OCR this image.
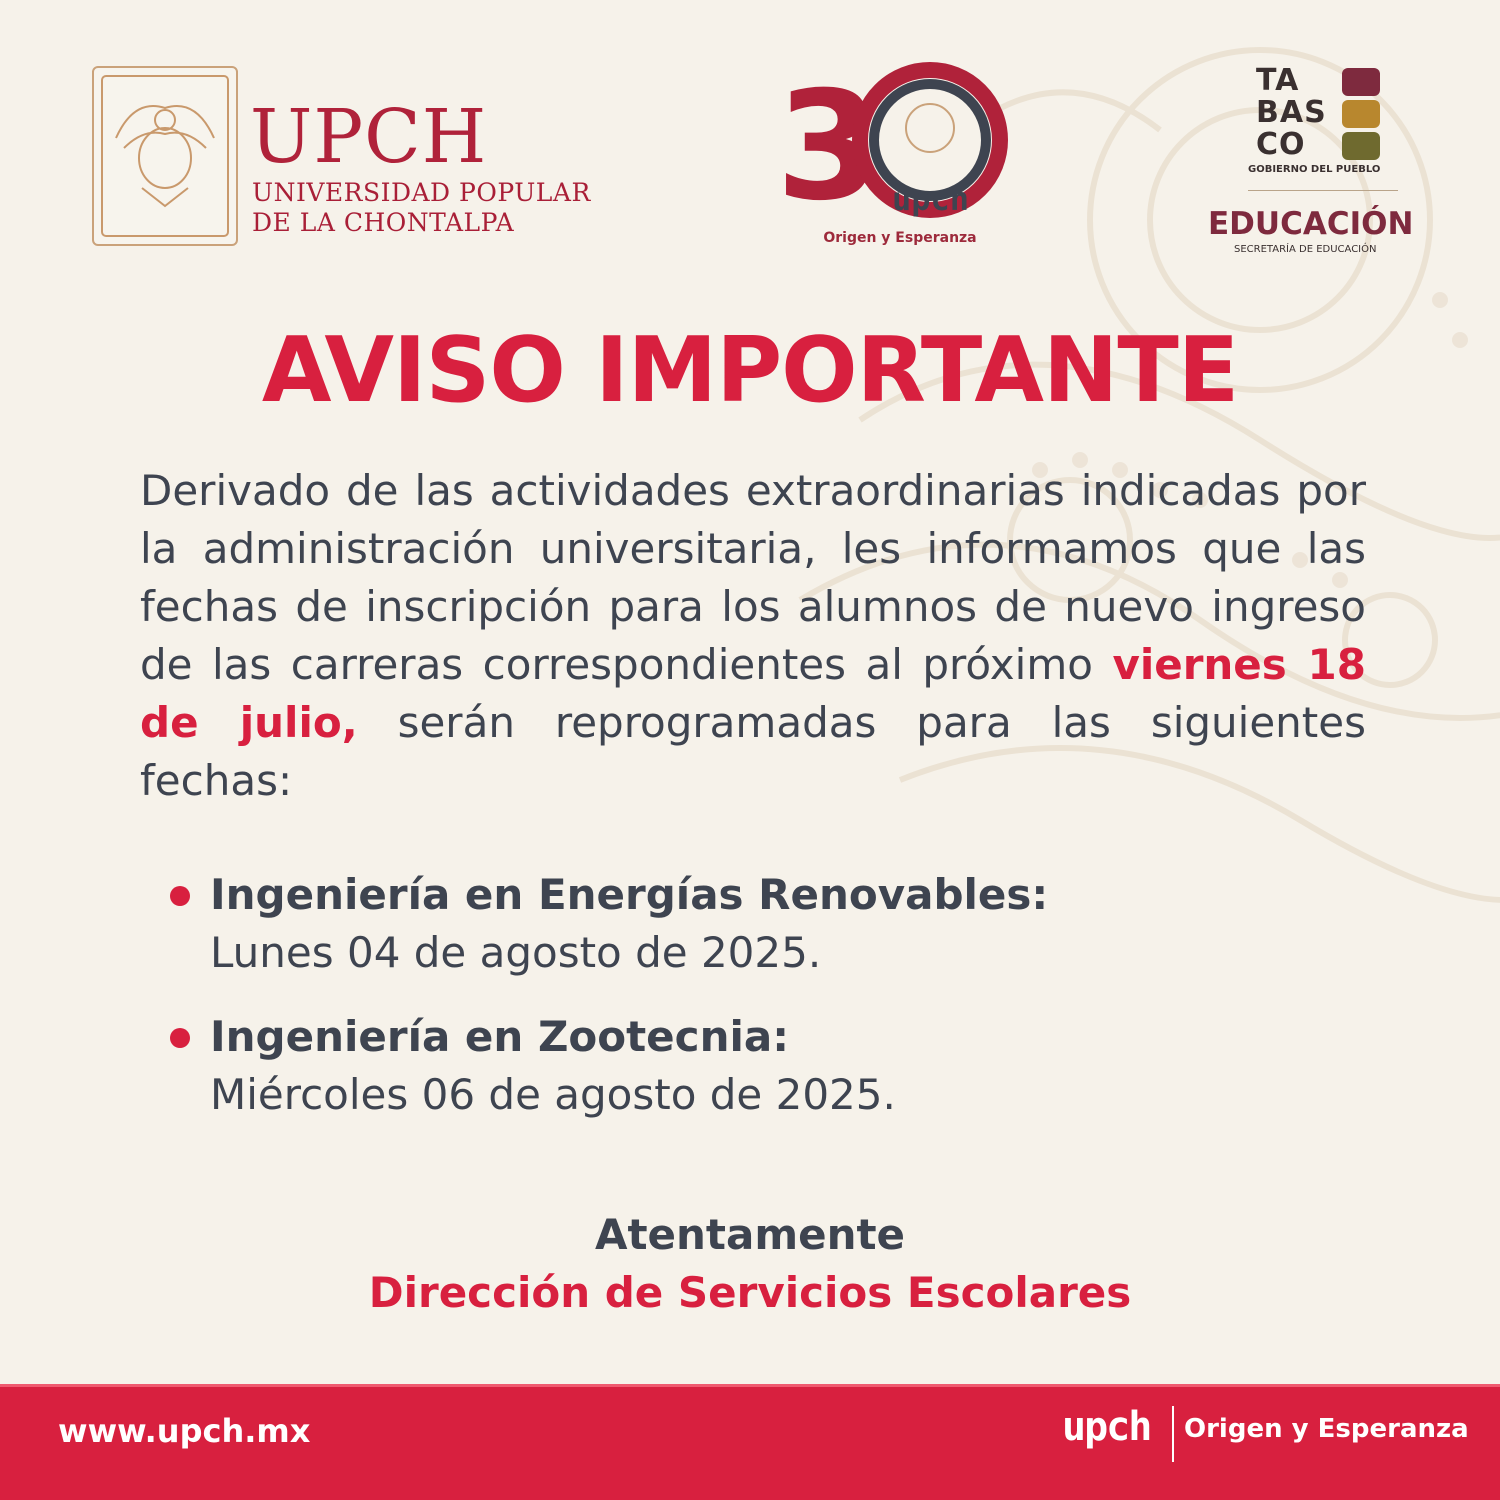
UPCH
UNIVERSIDAD POPULAR
DE LA CHONTALPA 3 upch
Origen y Esperanza
TA
BAS
CO
GOBIERNO DEL PUEBLO
EDUCACIÓN
SECRETARÍA DE EDUCACIÓN
AVISO IMPORTANTE
Derivado de las actividades extraordinarias indicadas por la administración universitaria, les informamos que las fechas de inscripción para los alumnos de nuevo ingreso de las carreras correspondientes al próximo viernes 18 de julio, serán reprogramadas para las siguientes fechas:
Ingeniería en Energías Renovables:
Lunes 04 de agosto de 2025.
Ingeniería en Zootecnia:
Miércoles 06 de agosto de 2025.
Atentamente
Dirección de Servicios Escolares
www.upch.mx	upch Origen y Esperanza
